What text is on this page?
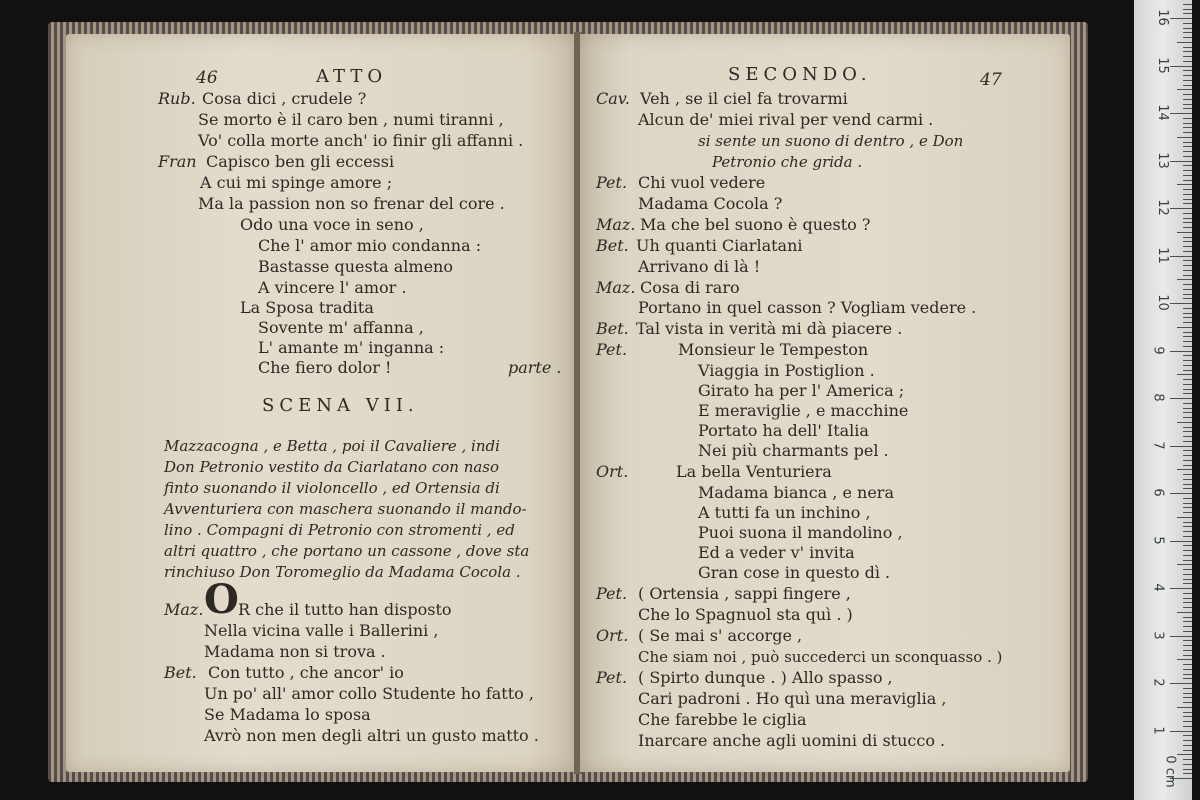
46	ATTO
Rub. Cosa dici , crudele ?
Se morto è il caro ben , numi tiranni ,
Vo' colla morte anch' io finir gli affanni .
Fran Capisco ben gli eccessi
A cui mi spinge amore ;
Ma la passion non so frenar del core .
Odo una voce in seno ,
Che l' amor mio condanna :
Bastasse questa almeno
A vincere l' amor .
La Sposa tradita
Sovente m' affanna ,
L' amante m' inganna :
Che fiero dolor !	parte .
SCENA VII.
Mazzacogna , e Betta , poi il Cavaliere , indi
Don Petronio vestito da Ciarlatano con naso
finto suonando il violoncello , ed Ortensia di
Avventuriera con maschera suonando il mando-
lino . Compagni di Petronio con stromenti , ed
altri quattro , che portano un cassone , dove sta
rinchiuso Don Toromeglio da Madama Cocola .
Maz. O R che il tutto han disposto
Nella vicina valle i Ballerini ,
Madama non si trova .
Bet. Con tutto , che ancor' io
Un po' all' amor collo Studente ho fatto ,
Se Madama lo sposa
Avrò non men degli altri un gusto matto .
SECONDO.	47
Cav. Veh , se il ciel fa trovarmi
Alcun de' miei rival per vend carmi .
si sente un suono di dentro , e Don
Petronio che grida .
Pet. Chi vuol vedere
Madama Cocola ?
Maz. Ma che bel suono è questo ?
Bet. Uh quanti Ciarlatani
Arrivano di là !
Maz. Cosa di raro
Portano in quel casson ? Vogliam vedere .
Bet. Tal vista in verità mi dà piacere .
Pet.	Monsieur le Tempeston
Viaggia in Postiglion .
Girato ha per l' America ;
E meraviglie , e macchine
Portato ha dell' Italia
Nei più charmants pel .
Ort.	La bella Venturiera
Madama bianca , e nera
A tutti fa un inchino ,
Puoi suona il mandolino ,
Ed a veder v' invita
Gran cose in questo dì .
Pet. ( Ortensia , sappi fingere ,
Che lo Spagnuol sta quì . )
Ort. ( Se mai s' accorge ,
Che siam noi , può succederci un sconquasso . )
Pet. ( Spirto dunque . ) Allo spasso ,
Cari padroni . Ho quì una meraviglia ,
Che farebbe le ciglia
Inarcare anche agli uomini di stucco .
0 cm
1
2
3
4
5
6
7
8
9
10
11
12
13
14
15
16
